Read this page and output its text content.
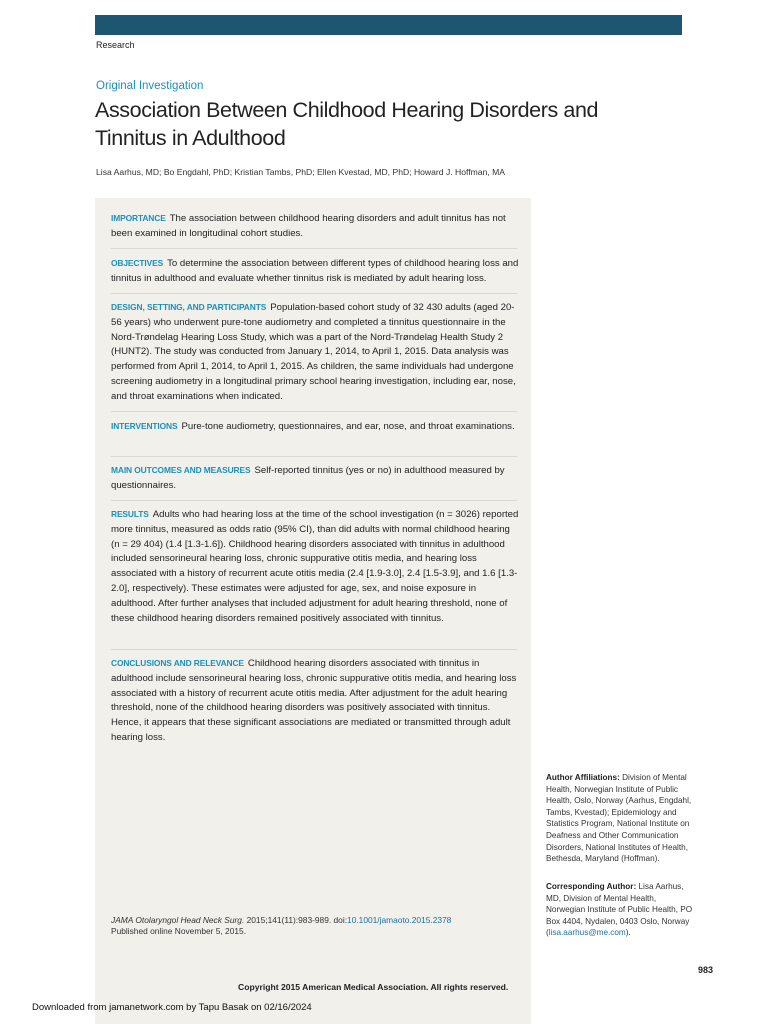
Research
Original Investigation
Association Between Childhood Hearing Disorders and Tinnitus in Adulthood
Lisa Aarhus, MD; Bo Engdahl, PhD; Kristian Tambs, PhD; Ellen Kvestad, MD, PhD; Howard J. Hoffman, MA
IMPORTANCE The association between childhood hearing disorders and adult tinnitus has not been examined in longitudinal cohort studies.
OBJECTIVES To determine the association between different types of childhood hearing loss and tinnitus in adulthood and evaluate whether tinnitus risk is mediated by adult hearing loss.
DESIGN, SETTING, AND PARTICIPANTS Population-based cohort study of 32 430 adults (aged 20-56 years) who underwent pure-tone audiometry and completed a tinnitus questionnaire in the Nord-Trøndelag Hearing Loss Study, which was a part of the Nord-Trøndelag Health Study 2 (HUNT2). The study was conducted from January 1, 2014, to April 1, 2015. Data analysis was performed from April 1, 2014, to April 1, 2015. As children, the same individuals had undergone screening audiometry in a longitudinal primary school hearing investigation, including ear, nose, and throat examinations when indicated.
INTERVENTIONS Pure-tone audiometry, questionnaires, and ear, nose, and throat examinations.
MAIN OUTCOMES AND MEASURES Self-reported tinnitus (yes or no) in adulthood measured by questionnaires.
RESULTS Adults who had hearing loss at the time of the school investigation (n = 3026) reported more tinnitus, measured as odds ratio (95% CI), than did adults with normal childhood hearing (n = 29 404) (1.4 [1.3-1.6]). Childhood hearing disorders associated with tinnitus in adulthood included sensorineural hearing loss, chronic suppurative otitis media, and hearing loss associated with a history of recurrent acute otitis media (2.4 [1.9-3.0], 2.4 [1.5-3.9], and 1.6 [1.3-2.0], respectively). These estimates were adjusted for age, sex, and noise exposure in adulthood. After further analyses that included adjustment for adult hearing threshold, none of these childhood hearing disorders remained positively associated with tinnitus.
CONCLUSIONS AND RELEVANCE Childhood hearing disorders associated with tinnitus in adulthood include sensorineural hearing loss, chronic suppurative otitis media, and hearing loss associated with a history of recurrent acute otitis media. After adjustment for the adult hearing threshold, none of the childhood hearing disorders was positively associated with tinnitus. Hence, it appears that these significant associations are mediated or transmitted through adult hearing loss.
JAMA Otolaryngol Head Neck Surg. 2015;141(11):983-989. doi:10.1001/jamaoto.2015.2378
Published online November 5, 2015.
Author Affiliations: Division of Mental Health, Norwegian Institute of Public Health, Oslo, Norway (Aarhus, Engdahl, Tambs, Kvestad); Epidemiology and Statistics Program, National Institute on Deafness and Other Communication Disorders, National Institutes of Health, Bethesda, Maryland (Hoffman).
Corresponding Author: Lisa Aarhus, MD, Division of Mental Health, Norwegian Institute of Public Health, PO Box 4404, Nydalen, 0403 Oslo, Norway (lisa.aarhus@me.com).
983
Copyright 2015 American Medical Association. All rights reserved.
Downloaded from jamanetwork.com by Tapu Basak on 02/16/2024
